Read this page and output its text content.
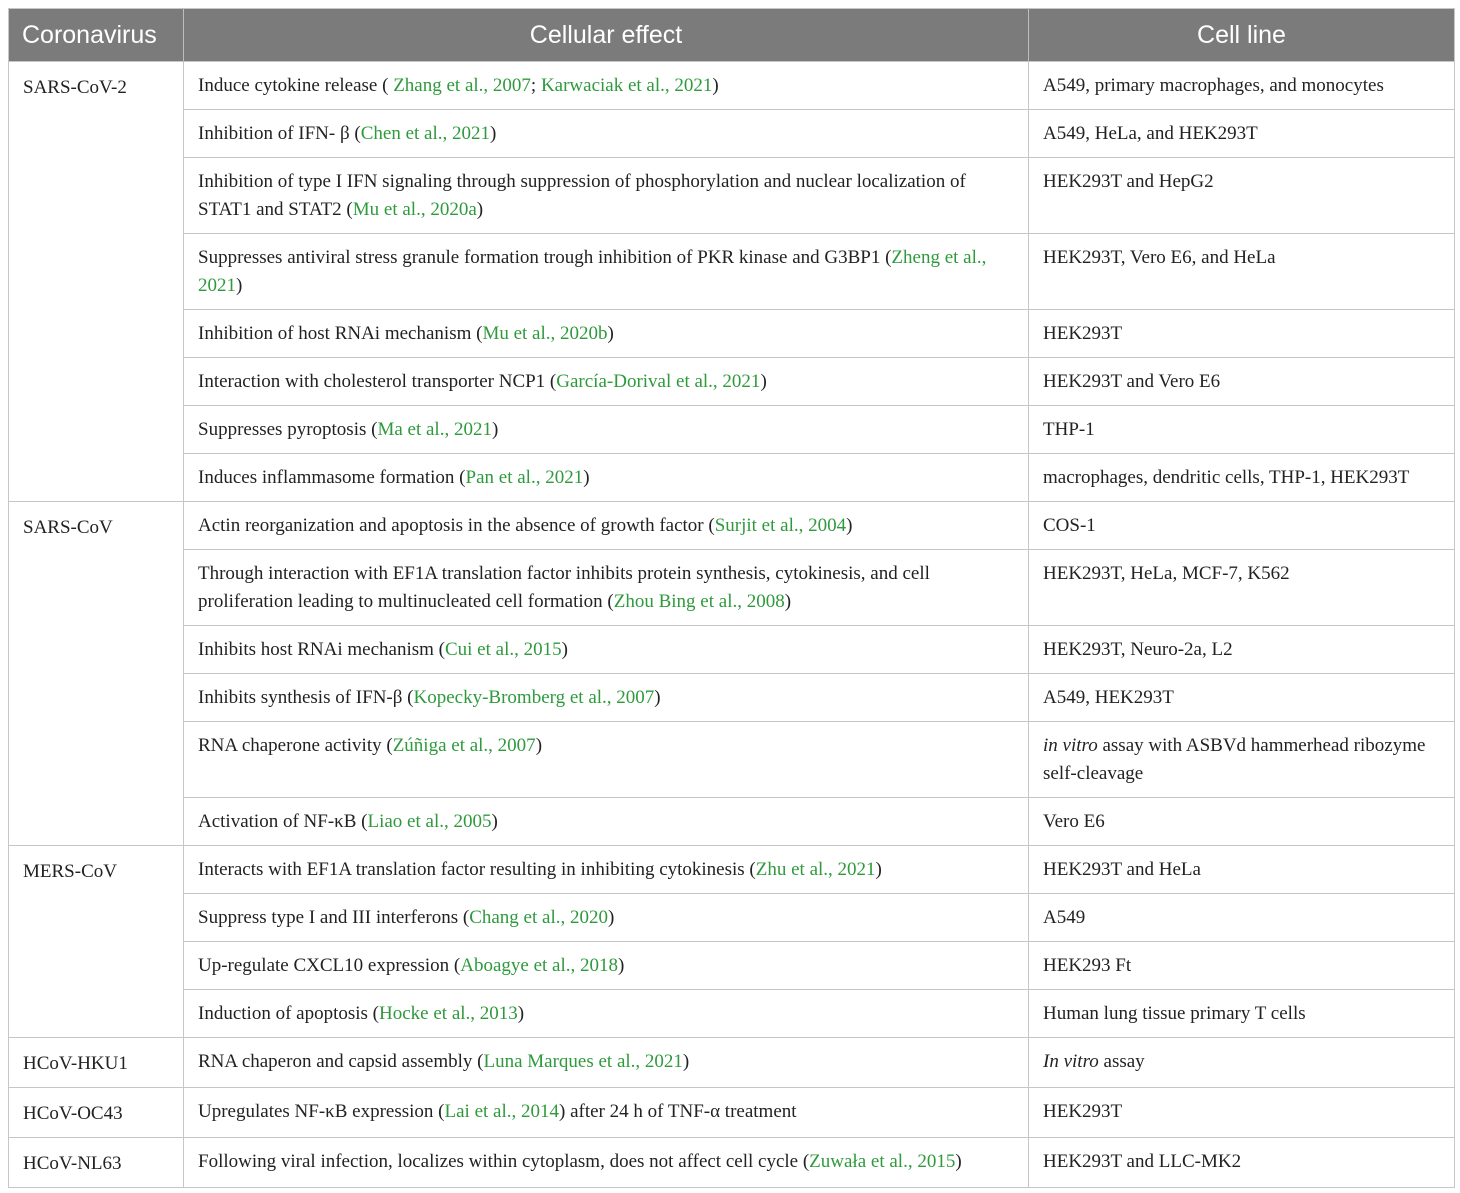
Coronavirus	Cellular effect	Cell line
SARS-CoV-2	Induce cytokine release ( Zhang et al., 2007; Karwaciak et al., 2021)	A549, primary macrophages, and monocytes
	Inhibition of IFN- β (Chen et al., 2021)	A549, HeLa, and HEK293T
	Inhibition of type I IFN signaling through suppression of phosphorylation and nuclear localization of STAT1 and STAT2 (Mu et al., 2020a)	HEK293T and HepG2
	Suppresses antiviral stress granule formation trough inhibition of PKR kinase and G3BP1 (Zheng et al., 2021)	HEK293T, Vero E6, and HeLa
	Inhibition of host RNAi mechanism (Mu et al., 2020b)	HEK293T
	Interaction with cholesterol transporter NCP1 (García-Dorival et al., 2021)	HEK293T and Vero E6
	Suppresses pyroptosis (Ma et al., 2021)	THP-1
	Induces inflammasome formation (Pan et al., 2021)	macrophages, dendritic cells, THP-1, HEK293T
SARS-CoV	Actin reorganization and apoptosis in the absence of growth factor (Surjit et al., 2004)	COS-1
	Through interaction with EF1A translation factor inhibits protein synthesis, cytokinesis, and cell proliferation leading to multinucleated cell formation (Zhou Bing et al., 2008)	HEK293T, HeLa, MCF-7, K562
	Inhibits host RNAi mechanism (Cui et al., 2015)	HEK293T, Neuro-2a, L2
	Inhibits synthesis of IFN-β (Kopecky-Bromberg et al., 2007)	A549, HEK293T
	RNA chaperone activity (Zúñiga et al., 2007)	in vitro assay with ASBVd hammerhead ribozyme self-cleavage
	Activation of NF-κB (Liao et al., 2005)	Vero E6
MERS-CoV	Interacts with EF1A translation factor resulting in inhibiting cytokinesis (Zhu et al., 2021)	HEK293T and HeLa
	Suppress type I and III interferons (Chang et al., 2020)	A549
	Up-regulate CXCL10 expression (Aboagye et al., 2018)	HEK293 Ft
	Induction of apoptosis (Hocke et al., 2013)	Human lung tissue primary T cells
HCoV-HKU1	RNA chaperon and capsid assembly (Luna Marques et al., 2021)	In vitro assay
HCoV-OC43	Upregulates NF-κB expression (Lai et al., 2014) after 24 h of TNF-α treatment	HEK293T
HCoV-NL63	Following viral infection, localizes within cytoplasm, does not affect cell cycle (Zuwała et al., 2015)	HEK293T and LLC-MK2
